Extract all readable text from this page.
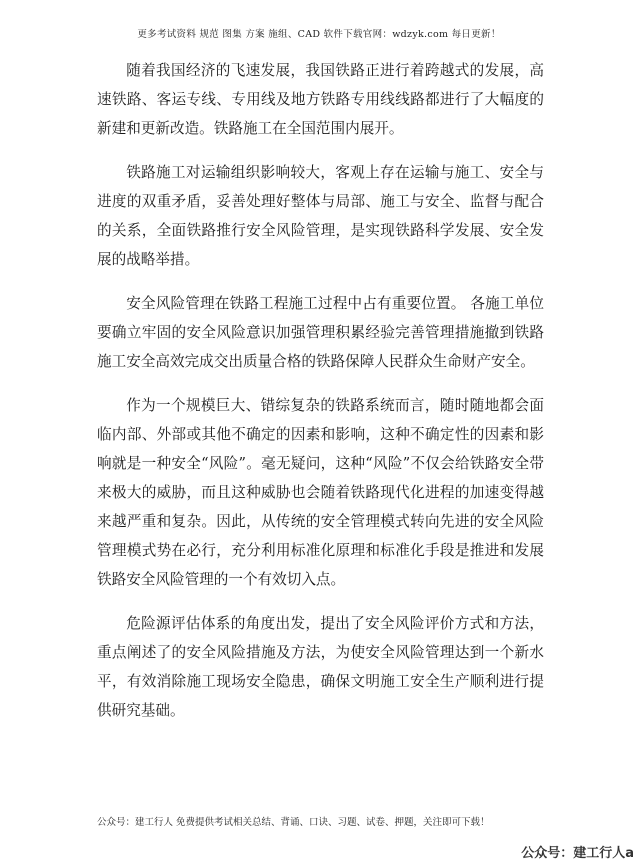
更多考试资料 规范 图集 方案 施组、CAD 软件下载官网：wdzyk.com 每日更新！

随着我国经济的飞速发展，我国铁路正进行着跨越式的发展，高速铁路、客运专线、专用线及地方铁路专用线线路都进行了大幅度的新建和更新改造。铁路施工在全国范围内展开。

铁路施工对运输组织影响较大，客观上存在运输与施工、安全与进度的双重矛盾，妥善处理好整体与局部、施工与安全、监督与配合的关系，全面铁路推行安全风险管理，是实现铁路科学发展、安全发展的战略举措。

安全风险管理在铁路工程施工过程中占有重要位置。 各施工单位要确立牢固的安全风险意识加强管理积累经验完善管理措施撤到铁路施工安全高效完成交出质量合格的铁路保障人民群众生命财产安全。

作为一个规模巨大、错综复杂的铁路系统而言，随时随地都会面临内部、外部或其他不确定的因素和影响，这种不确定性的因素和影响就是一种安全“风险”。毫无疑问，这种“风险”不仅会给铁路安全带来极大的威胁，而且这种威胁也会随着铁路现代化进程的加速变得越来越严重和复杂。因此，从传统的安全管理模式转向先进的安全风险管理模式势在必行，充分利用标准化原理和标准化手段是推进和发展铁路安全风险管理的一个有效切入点。

危险源评估体系的角度出发，提出了安全风险评价方式和方法，重点阐述了的安全风险措施及方法，为使安全风险管理达到一个新水平，有效消除施工现场安全隐患，确保文明施工安全生产顺利进行提供研究基础。

公众号：建工行人 免费提供考试相关总结、背诵、口诀、习题、试卷、押题，关注即可下载！
公众号：建工行人a
